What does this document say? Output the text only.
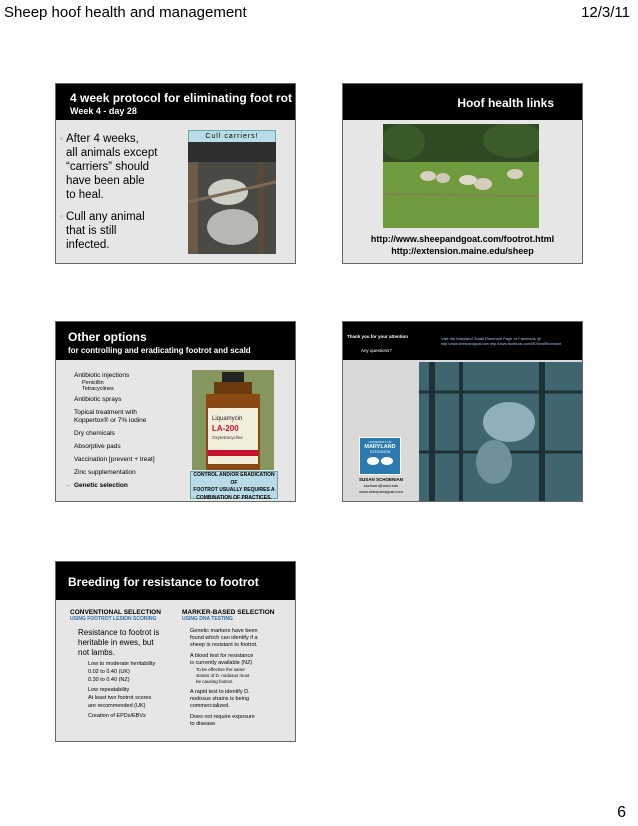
Sheep hoof health and management	12/3/11
4 week protocol for eliminating foot rot
Week 4 - day 28
◦ After 4 weeks,
all animals except
“carriers” should
have been able
to heal.
◦ Cull any animal
that is still
infected.
Cull carriers!
Hoof health links
http://www.sheepandgoat.com/footrot.html
http://extension.maine.edu/sheep
Other options
for controlling and eradicating footrot and scald
Antibiotic injections
Penicillin
Tetracyclines
Antibiotic sprays
Topical treatment with
Koppertox® or 7% iodine
Dry chemicals
Absorptive pads
Vaccination [prevent + treat]
Zinc supplementation
→ Genetic selection
Liquamycin
LA-200
Oxytetracycline
CONTROL AND/OR ERADICATION OF
FOOTROT USUALLY REQUIRES A
COMBINATION OF PRACTICES.
Thank you for your attention
Any questions?
Visit the Maryland Small Ruminant Page or Facebook @
http://www.sheepandgoat.com http://www.facebook.com/MDSmallRuminant
UNIVERSITY OF
MARYLAND
EXTENSION
SUSAN SCHOENIAN
sschoen@umd.edu
www.sheepandgoat.com
Breeding for resistance to footrot
CONVENTIONAL SELECTION
USING FOOTROT LESION SCORING
Resistance to footrot is
heritable in ewes, but
not lambs.
Low to moderate heritability
0.02 to 0.40 (UK)
0.30 to 0.40 (NZ)
Low repeatability
At least two footrot scores
are recommended (UK)
Creation of EPDs/EBVs
MARKER-BASED SELECTION
USING DNA TESTING
Genetic markers have been
found which can identify if a
sheep is resistant to footrot.
A blood test for resistance
is currently available (NZ)
To be effective the same
strains of D. nodosus must
be causing footrot.
A rapid test to identify D.
nodosus strains is being
commercialized.
Does not require exposure
to disease.
6
